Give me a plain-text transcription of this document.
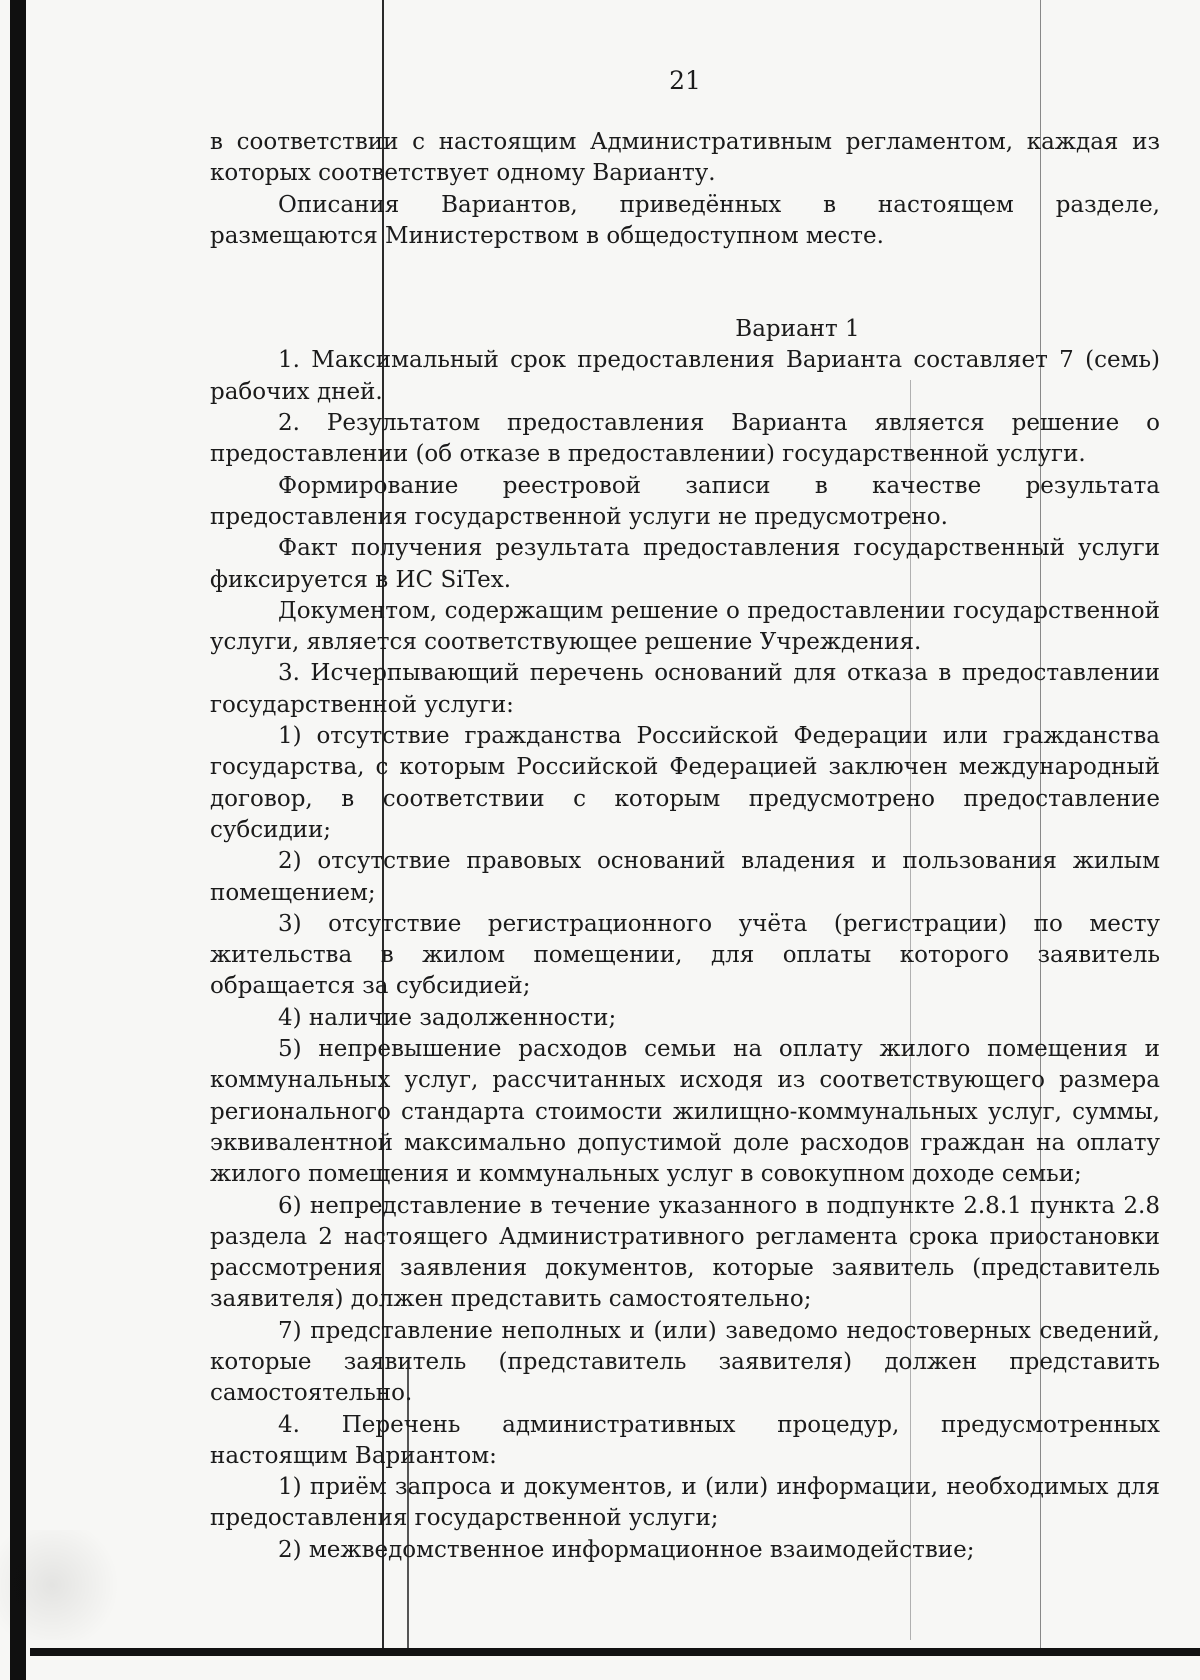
21

в соответствии с настоящим Административным регламентом, каждая из которых соответствует одному Варианту.

Описания Вариантов, приведённых в настоящем разделе, размещаются Министерством в общедоступном месте.

Вариант 1

1. Максимальный срок предоставления Варианта составляет 7 (семь) рабочих дней.

2. Результатом предоставления Варианта является решение о предоставлении (об отказе в предоставлении) государственной услуги.

Формирование реестровой записи в качестве результата предоставления государственной услуги не предусмотрено.

Факт получения результата предоставления государственный услуги фиксируется в ИС SiTex.

Документом, содержащим решение о предоставлении государственной услуги, является соответствующее решение Учреждения.

3. Исчерпывающий перечень оснований для отказа в предоставлении государственной услуги:

1) отсутствие гражданства Российской Федерации или гражданства государства, с которым Российской Федерацией заключен международный договор, в соответствии с которым предусмотрено предоставление субсидии;

2) отсутствие правовых оснований владения и пользования жилым помещением;

3) отсутствие регистрационного учёта (регистрации) по месту жительства в жилом помещении, для оплаты которого заявитель обращается за субсидией;

4) наличие задолженности;

5) непревышение расходов семьи на оплату жилого помещения и коммунальных услуг, рассчитанных исходя из соответствующего размера регионального стандарта стоимости жилищно-коммунальных услуг, суммы, эквивалентной максимально допустимой доле расходов граждан на оплату жилого помещения и коммунальных услуг в совокупном доходе семьи;

6) непредставление в течение указанного в подпункте 2.8.1 пункта 2.8 раздела 2 настоящего Административного регламента срока приостановки рассмотрения заявления документов, которые заявитель (представитель заявителя) должен представить самостоятельно;

7) представление неполных и (или) заведомо недостоверных сведений, которые заявитель (представитель заявителя) должен представить самостоятельно.

4. Перечень административных процедур, предусмотренных настоящим Вариантом:

1) приём запроса и документов, и (или) информации, необходимых для предоставления государственной услуги;

2) межведомственное информационное взаимодействие;
